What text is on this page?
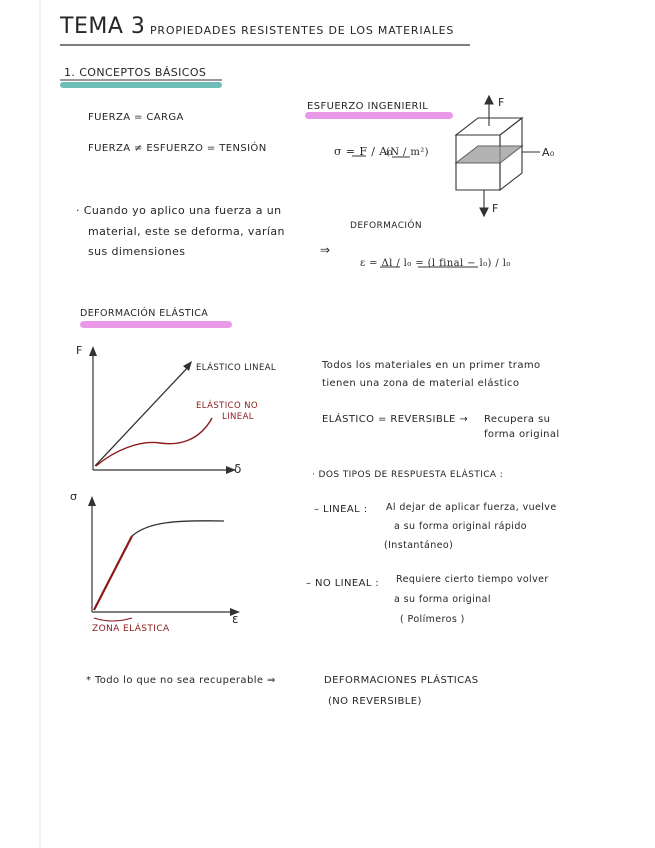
TEMA 3 PROPIEDADES RESISTENTES DE LOS MATERIALES
1. CONCEPTOS BÁSICOS
FUERZA = CARGA
FUERZA ≠ ESFUERZO = TENSIÓN
ESFUERZO INGENIERIL
σ = F / A₀
(N / m²)
F
F
A₀
· Cuando yo aplico una fuerza a un
material, este se deforma, varían
sus dimensiones	⇒
DEFORMACIÓN
ε = Δl / l₀ = (l final − l₀) / l₀
DEFORMACIÓN ELÁSTICA
F
δ
ELÁSTICO LINEAL
ELÁSTICO NO
LINEAL
σ
ε
ZONA ELÁSTICA
Todos los materiales en un primer tramo
tienen una zona de material elástico
ELÁSTICO = REVERSIBLE → Recupera su
forma original
· DOS TIPOS DE RESPUESTA ELÁSTICA :
– LINEAL : Al dejar de aplicar fuerza, vuelve
a su forma original rápido
(Instantáneo)
– NO LINEAL : Requiere cierto tiempo volver
a su forma original
( Polímeros )
* Todo lo que no sea recuperable ⇒	DEFORMACIONES PLÁSTICAS
(NO REVERSIBLE)
